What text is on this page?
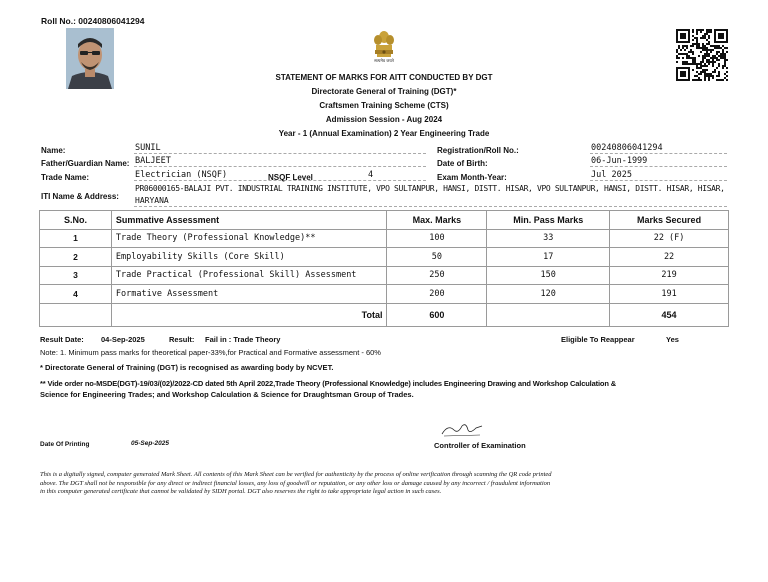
Roll No.: 00240806041294
सत्यमेव जयते
STATEMENT OF MARKS FOR AITT CONDUCTED BY DGT
Directorate General of Training (DGT)*
Craftsmen Training Scheme (CTS)
Admission Session - Aug 2024
Year - 1 (Annual Examination) 2 Year Engineering Trade
Name:	SUNIL	Registration/Roll No.:	00240806041294
Father/Guardian Name: BALJEET	Date of Birth:	06-Jun-1999
Trade Name:	Electrician (NSQF)	NSQF Level	4	Exam Month-Year:	Jul 2025
ITI Name & Address:
PR06000165-BALAJI PVT. INDUSTRIAL TRAINING INSTITUTE, VPO SULTANPUR, HANSI, DISTT. HISAR, VPO SULTANPUR, HANSI, DISTT. HISAR, HISAR,
HARYANA
S.No.	Summative Assessment	Max. Marks	Min. Pass Marks	Marks Secured
1	Trade Theory (Professional Knowledge)**	100	33	22 (F)
2	Employability Skills (Core Skill)	50	17	22
3	Trade Practical (Professional Skill) Assessment	250	150	219
4	Formative Assessment	200	120	191
	Total	600		454
Result Date: 04-Sep-2025	Result: Fail in : Trade Theory	Eligible To Reappear	Yes
Note: 1. Minimum pass marks for theoretical paper-33%,for Practical and Formative assessment - 60%
* Directorate General of Training (DGT) is recognised as awarding body by NCVET.
** Vide order no-MSDE(DGT)-19/03/(02)/2022-CD dated 5th April 2022,Trade Theory (Professional Knowledge) includes Engineering Drawing and Workshop Calculation &
Science for Engineering Trades; and Workshop Calculation & Science for Draughtsman Group of Trades.
Date Of Printing	05-Sep-2025	Controller of Examination
This is a digitally signed, computer generated Mark Sheet. All contents of this Mark Sheet can be verified for authenticity by the process of online verification through scanning the QR code printed
above. The DGT shall not be responsible for any direct or indirect financial losses, any loss of goodwill or reputation, or any other loss or damage caused by any incorrect / fraudulent information
in this computer generated certificate that cannot be validated by SIDH portal. DGT also reserves the right to take appropriate legal action in such cases.
